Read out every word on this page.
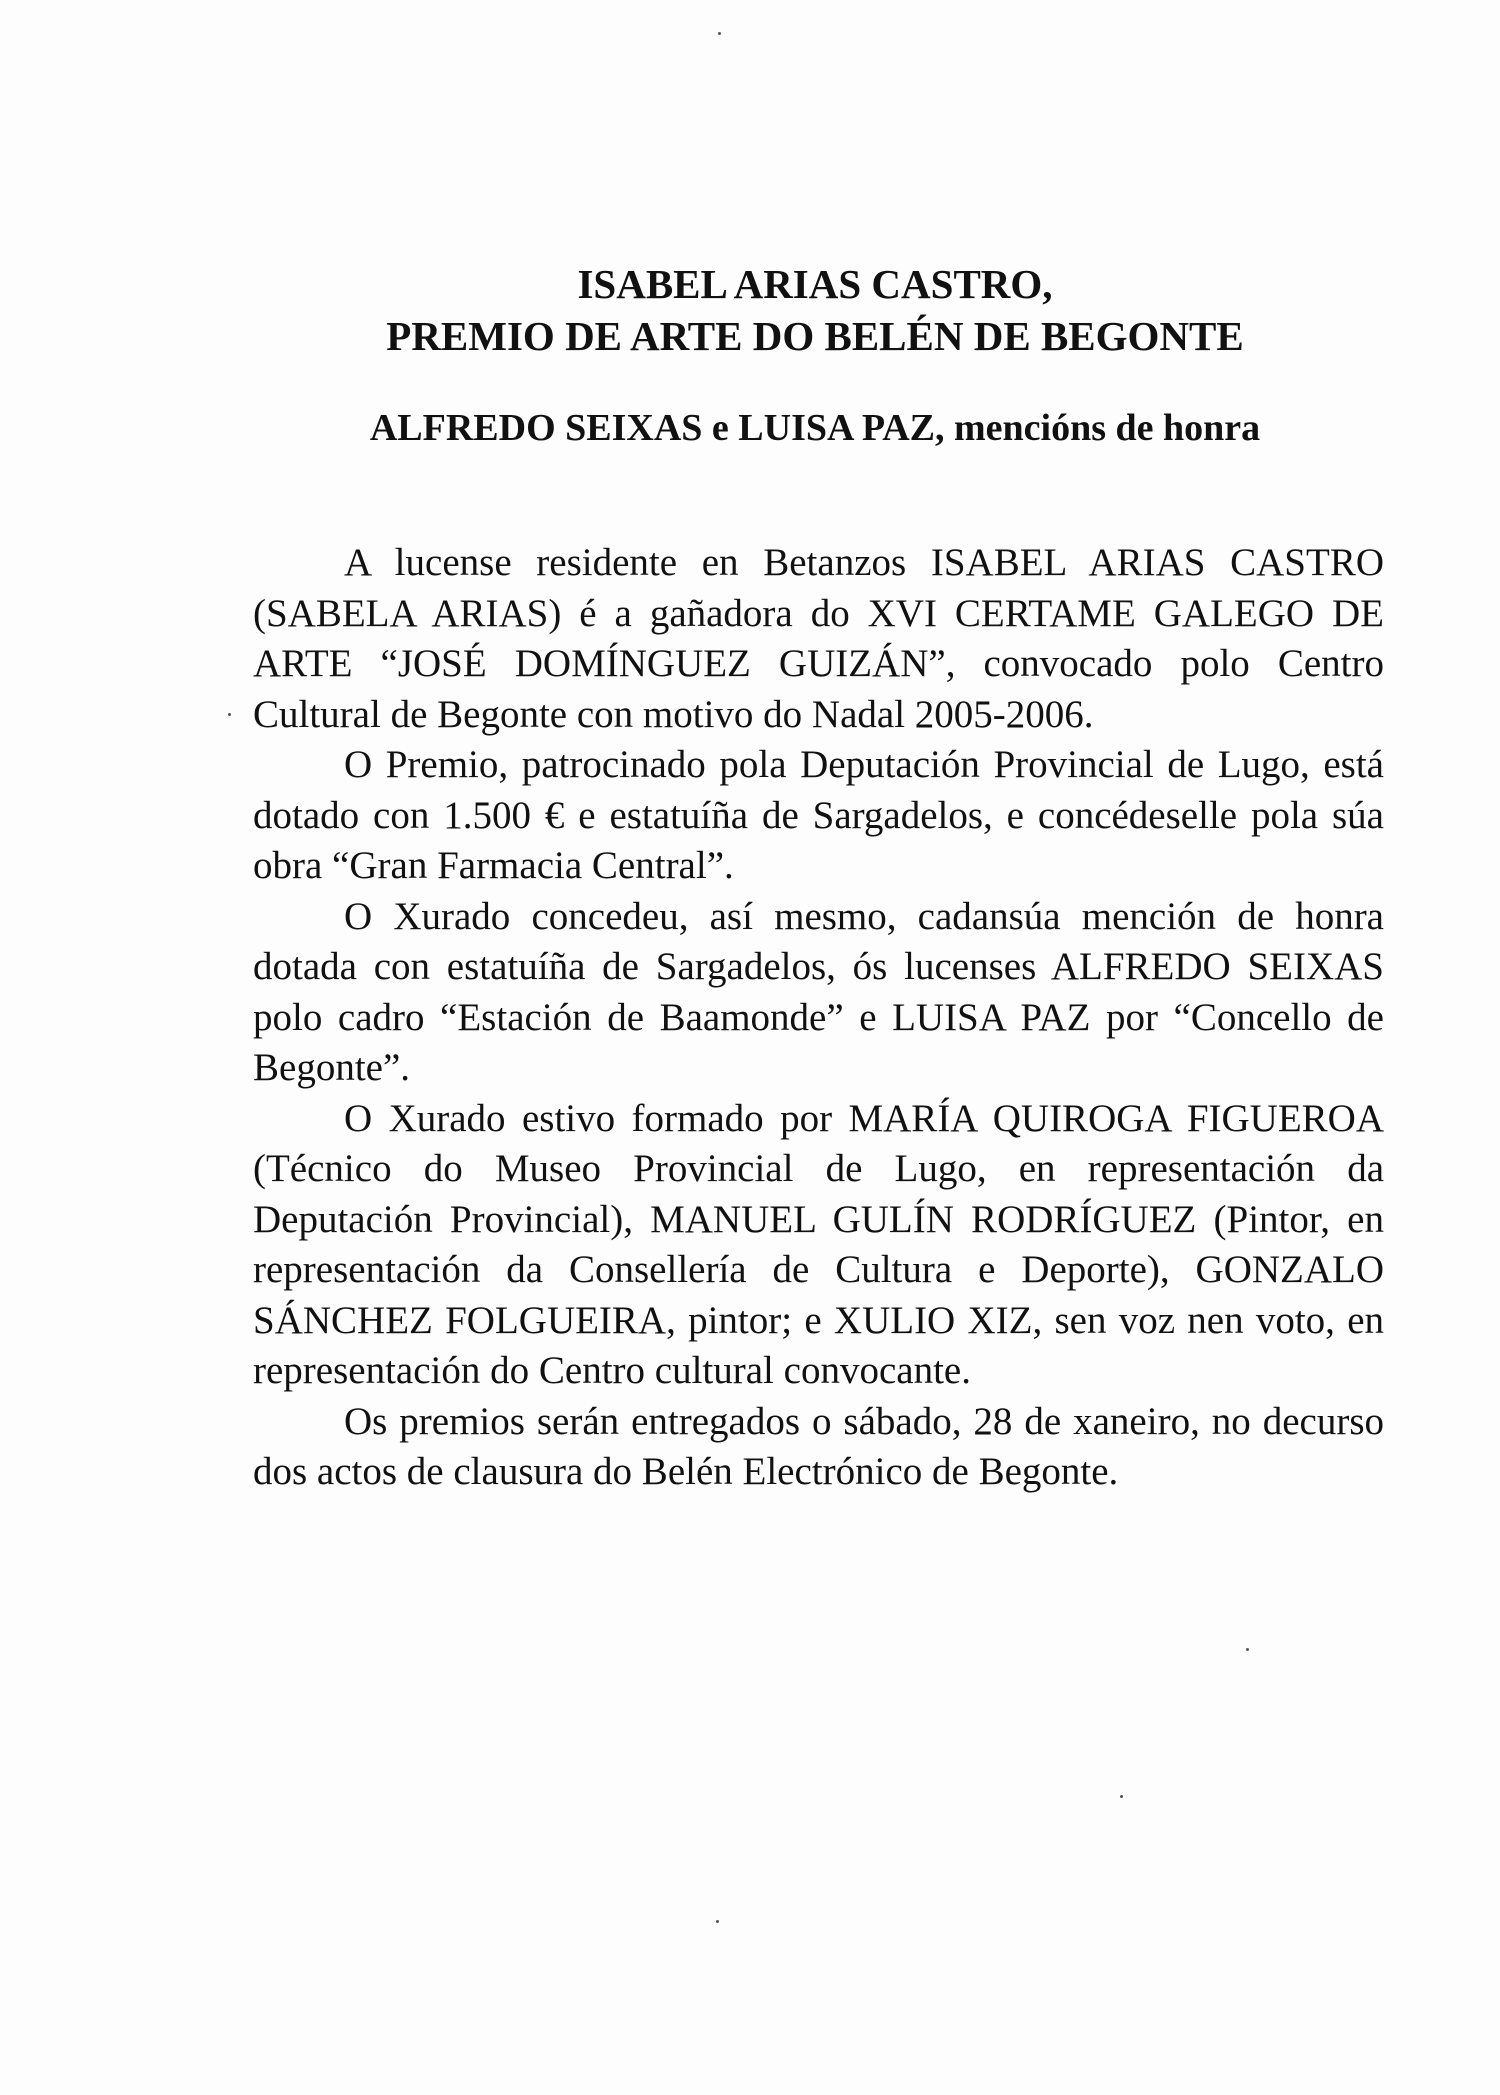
ISABEL ARIAS CASTRO,
PREMIO DE ARTE DO BELÉN DE BEGONTE
ALFREDO SEIXAS e LUISA PAZ, mencións de honra

A lucense residente en Betanzos ISABEL ARIAS CASTRO (SABELA ARIAS) é a gañadora do XVI CERTAME GALEGO DE ARTE “JOSÉ DOMÍNGUEZ GUIZÁN”, convocado polo Centro Cultural de Begonte con motivo do Nadal 2005-2006.

O Premio, patrocinado pola Deputación Provincial de Lugo, está dotado con 1.500 € e estatuíña de Sargadelos, e concédeselle pola súa obra “Gran Farmacia Central”.

O Xurado concedeu, así mesmo, cadansúa mención de honra dotada con estatuíña de Sargadelos, ós lucenses ALFREDO SEIXAS polo cadro “Estación de Baamonde” e LUISA PAZ por “Concello de Begonte”.

O Xurado estivo formado por MARÍA QUIROGA FIGUEROA (Técnico do Museo Provincial de Lugo, en representación da Deputación Provincial), MANUEL GULÍN RODRÍGUEZ (Pintor, en representación da Consellería de Cultura e Deporte), GONZALO SÁNCHEZ FOLGUEIRA, pintor; e XULIO XIZ, sen voz nen voto, en representación do Centro cultural convocante.

Os premios serán entregados o sábado, 28 de xaneiro, no decurso dos actos de clausura do Belén Electrónico de Begonte.
